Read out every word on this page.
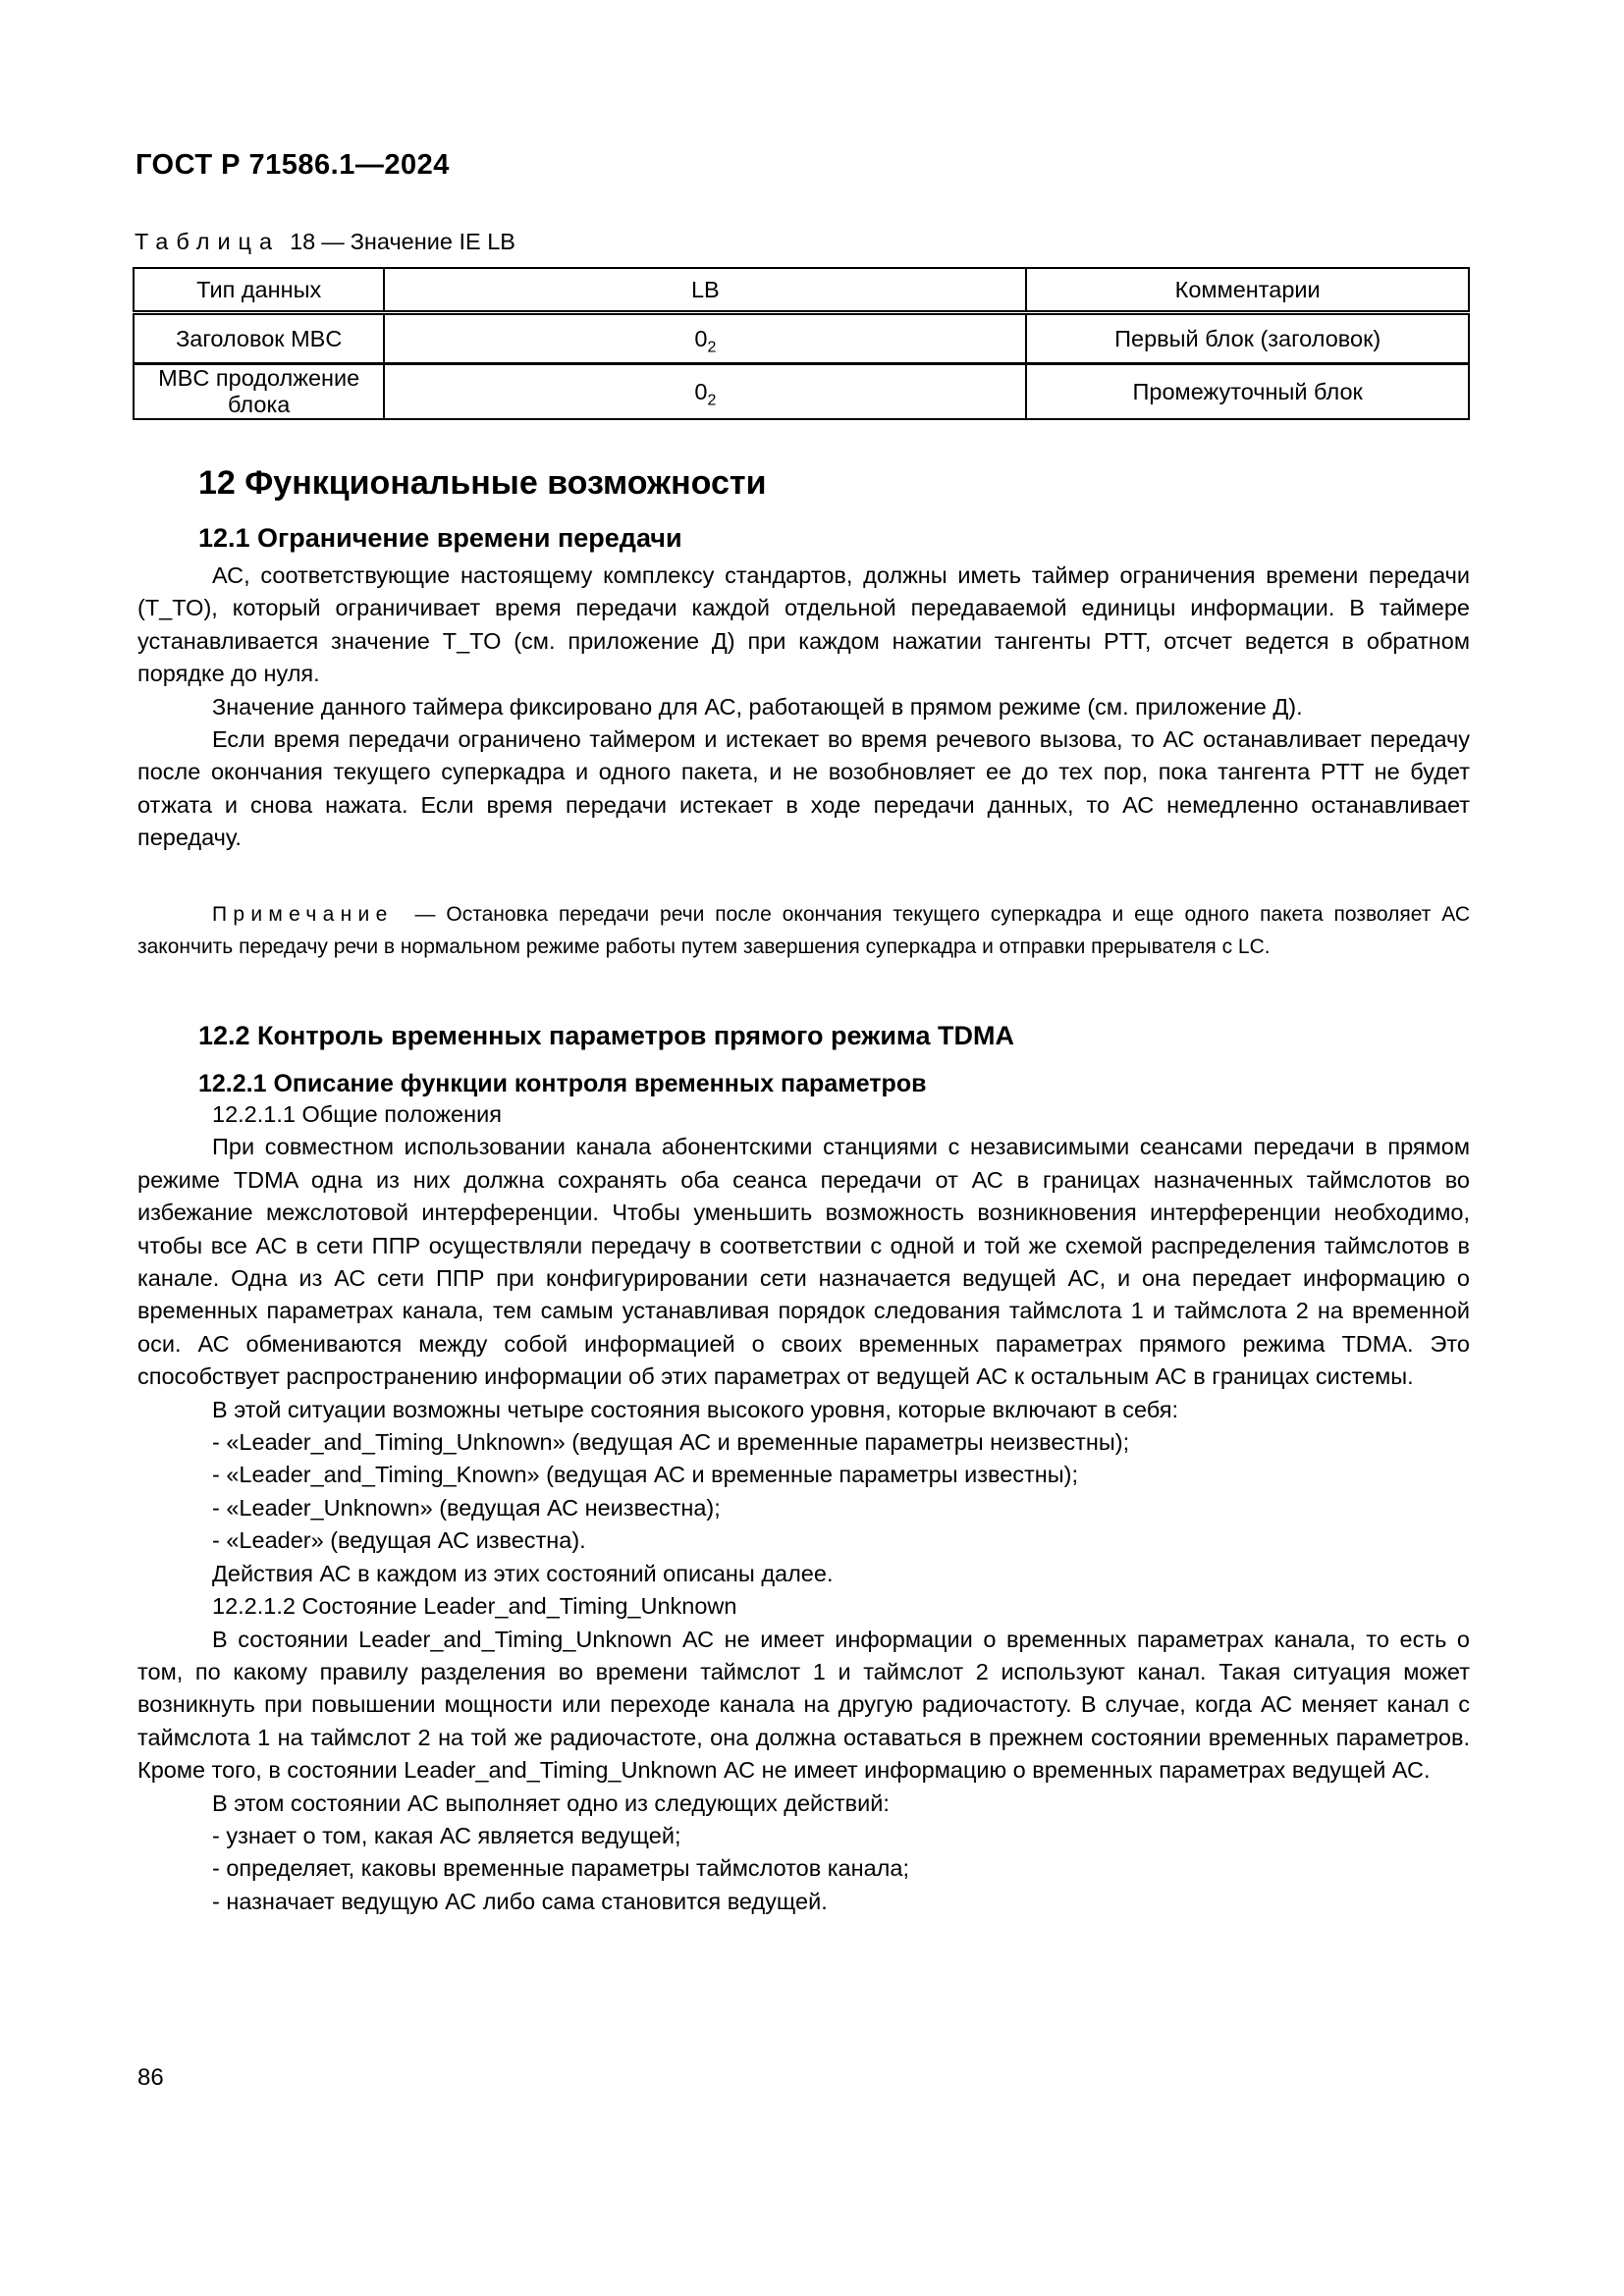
ГОСТ Р 71586.1—2024
Таблица 18 — Значение IE LB
Тип данных	LB	Комментарии
Заголовок MBC	$0_2$	Первый блок (заголовок)
MBC продолжение блока	$0_2$	Промежуточный блок
12 Функциональные возможности
12.1 Ограничение времени передачи

АС, соответствующие настоящему комплексу стандартов, должны иметь таймер ограничения времени передачи (T_TO), который ограничивает время передачи каждой отдельной передаваемой единицы информации. В таймере устанавливается значение T_TO (см. приложение Д) при каждом нажатии тангенты PTT, отсчет ведется в обратном порядке до нуля.

Значение данного таймера фиксировано для АС, работающей в прямом режиме (см. приложение Д).

Если время передачи ограничено таймером и истекает во время речевого вызова, то АС останавливает передачу после окончания текущего суперкадра и одного пакета, и не возобновляет ее до тех пор, пока тангента PTT не будет отжата и снова нажата. Если время передачи истекает в ходе передачи данных, то АС немедленно останавливает передачу.

Примечание — Остановка передачи речи после окончания текущего суперкадра и еще одного пакета позволяет АС закончить передачу речи в нормальном режиме работы путем завершения суперкадра и отправки прерывателя с LC.
12.2 Контроль временных параметров прямого режима TDMA
12.2.1 Описание функции контроля временных параметров
12.2.1.1 Общие положения

При совместном использовании канала абонентскими станциями с независимыми сеансами передачи в прямом режиме TDMA одна из них должна сохранять оба сеанса передачи от АС в границах назначенных таймслотов во избежание межслотовой интерференции. Чтобы уменьшить возможность возникновения интерференции необходимо, чтобы все АС в сети ППР осуществляли передачу в соответствии с одной и той же схемой распределения таймслотов в канале. Одна из АС сети ППР при конфигурировании сети назначается ведущей АС, и она передает информацию о временных параметрах канала, тем самым устанавливая порядок следования таймслота 1 и таймслота 2 на временной оси. АС обмениваются между собой информацией о своих временных параметрах прямого режима TDMA. Это способствует распространению информации об этих параметрах от ведущей АС к остальным АС в границах системы.

В этой ситуации возможны четыре состояния высокого уровня, которые включают в себя:

- «Leader_and_Timing_Unknown» (ведущая АС и временные параметры неизвестны);
- «Leader_and_Timing_Known» (ведущая АС и временные параметры известны);
- «Leader_Unknown» (ведущая АС неизвестна);
- «Leader» (ведущая АС известна).
Действия АС в каждом из этих состояний описаны далее.
12.2.1.2 Состояние Leader_and_Timing_Unknown

В состоянии Leader_and_Timing_Unknown АС не имеет информации о временных параметрах канала, то есть о том, по какому правилу разделения во времени таймслот 1 и таймслот 2 используют канал. Такая ситуация может возникнуть при повышении мощности или переходе канала на другую радиочастоту. В случае, когда АС меняет канал с таймслота 1 на таймслот 2 на той же радиочастоте, она должна оставаться в прежнем состоянии временных параметров. Кроме того, в состоянии Leader_and_Timing_Unknown АС не имеет информацию о временных параметрах ведущей АС.

В этом состоянии АС выполняет одно из следующих действий:

- узнает о том, какая АС является ведущей;
- определяет, каковы временные параметры таймслотов канала;
- назначает ведущую АС либо сама становится ведущей.
86
